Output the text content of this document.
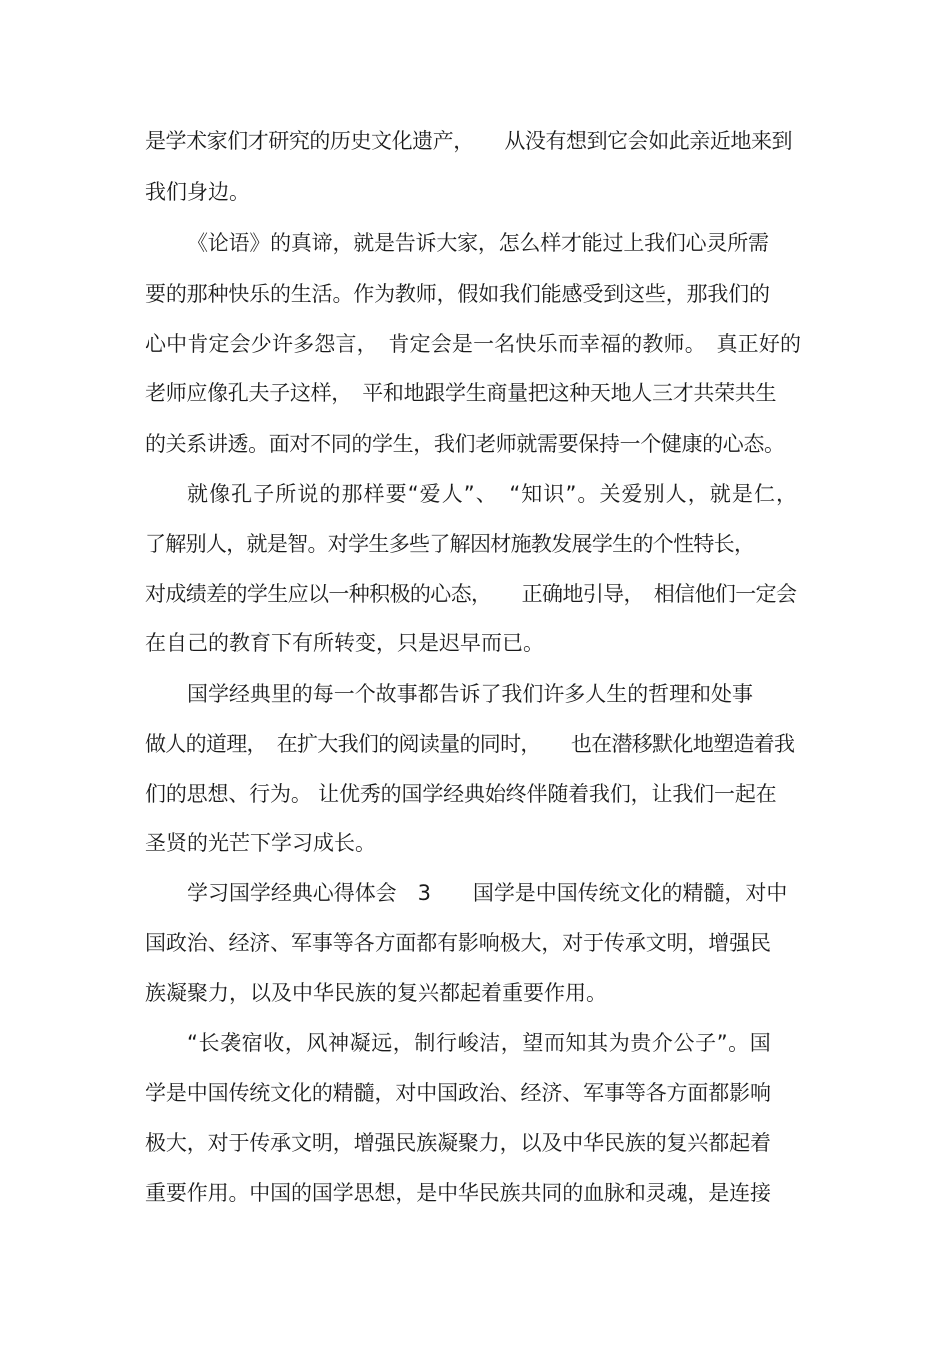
是学术家们才研究的历史文化遗产，　　从没有想到它会如此亲近地来到
我们身边。
《论语》的真谛，就是告诉大家，怎么样才能过上我们心灵所需
要的那种快乐的生活。作为教师，假如我们能感受到这些，那我们的
心中肯定会少许多怨言，　肯定会是一名快乐而幸福的教师。　真正好的
老师应像孔夫子这样，　平和地跟学生商量把这种天地人三才共荣共生
的关系讲透。面对不同的学生，我们老师就需要保持一个健康的心态。
就像孔子所说的那样要“爱人”、　“知识”。关爱别人，就是仁，
了解别人，就是智。对学生多些了解因材施教发展学生的个性特长，
对成绩差的学生应以一种积极的心态，　　正确地引导，　相信他们一定会
在自己的教育下有所转变，只是迟早而已。
国学经典里的每一个故事都告诉了我们许多人生的哲理和处事
做人的道理，　在扩大我们的阅读量的同时，　　也在潜移默化地塑造着我
们的思想、行为。 让优秀的国学经典始终伴随着我们，让我们一起在
圣贤的光芒下学习成长。
学习国学经典心得体会　3　　国学是中国传统文化的精髓，对中
国政治、经济、军事等各方面都有影响极大，对于传承文明，增强民
族凝聚力，以及中华民族的复兴都起着重要作用。
“长袭宿收，风神凝远，制行峻洁，望而知其为贵介公子”。国
学是中国传统文化的精髓，对中国政治、经济、军事等各方面都影响
极大，对于传承文明，增强民族凝聚力，以及中华民族的复兴都起着
重要作用。中国的国学思想，是中华民族共同的血脉和灵魂，是连接
